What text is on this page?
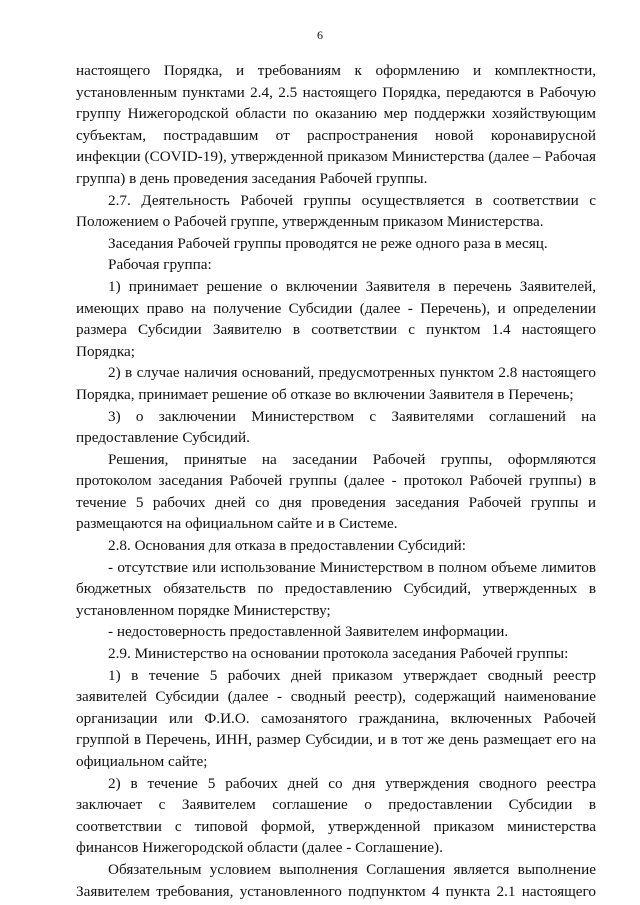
6

настоящего Порядка, и требованиям к оформлению и комплектности, установленным пунктами 2.4, 2.5 настоящего Порядка, передаются в Рабочую группу Нижегородской области по оказанию мер поддержки хозяйствующим субъектам, пострадавшим от распространения новой коронавирусной инфекции (COVID-19), утвержденной приказом Министерства (далее – Рабочая группа) в день проведения заседания Рабочей группы.

2.7. Деятельность Рабочей группы осуществляется в соответствии с Положением о Рабочей группе, утвержденным приказом Министерства.

Заседания Рабочей группы проводятся не реже одного раза в месяц.

Рабочая группа:

1) принимает решение о включении Заявителя в перечень Заявителей, имеющих право на получение Субсидии (далее - Перечень), и определении размера Субсидии Заявителю в соответствии с пунктом 1.4 настоящего Порядка;

2) в случае наличия оснований, предусмотренных пунктом 2.8 настоящего Порядка, принимает решение об отказе во включении Заявителя в Перечень;

3) о заключении Министерством с Заявителями соглашений на предоставление Субсидий.

Решения, принятые на заседании Рабочей группы, оформляются протоколом заседания Рабочей группы (далее - протокол Рабочей группы) в течение 5 рабочих дней со дня проведения заседания Рабочей группы и размещаются на официальном сайте и в Системе.

2.8. Основания для отказа в предоставлении Субсидий:

- отсутствие или использование Министерством в полном объеме лимитов бюджетных обязательств по предоставлению Субсидий, утвержденных в установленном порядке Министерству;

- недостоверность предоставленной Заявителем информации.

2.9. Министерство на основании протокола заседания Рабочей группы:

1) в течение 5 рабочих дней приказом утверждает сводный реестр заявителей Субсидии (далее - сводный реестр), содержащий наименование организации или Ф.И.О. самозанятого гражданина, включенных Рабочей группой в Перечень, ИНН, размер Субсидии, и в тот же день размещает его на официальном сайте;

2) в течение 5 рабочих дней со дня утверждения сводного реестра заключает с Заявителем соглашение о предоставлении Субсидии в соответствии с типовой формой, утвержденной приказом министерства финансов Нижегородской области (далее - Соглашение).

Обязательным условием выполнения Соглашения является выполнение Заявителем требования, установленного подпунктом 4 пункта 2.1 настоящего
